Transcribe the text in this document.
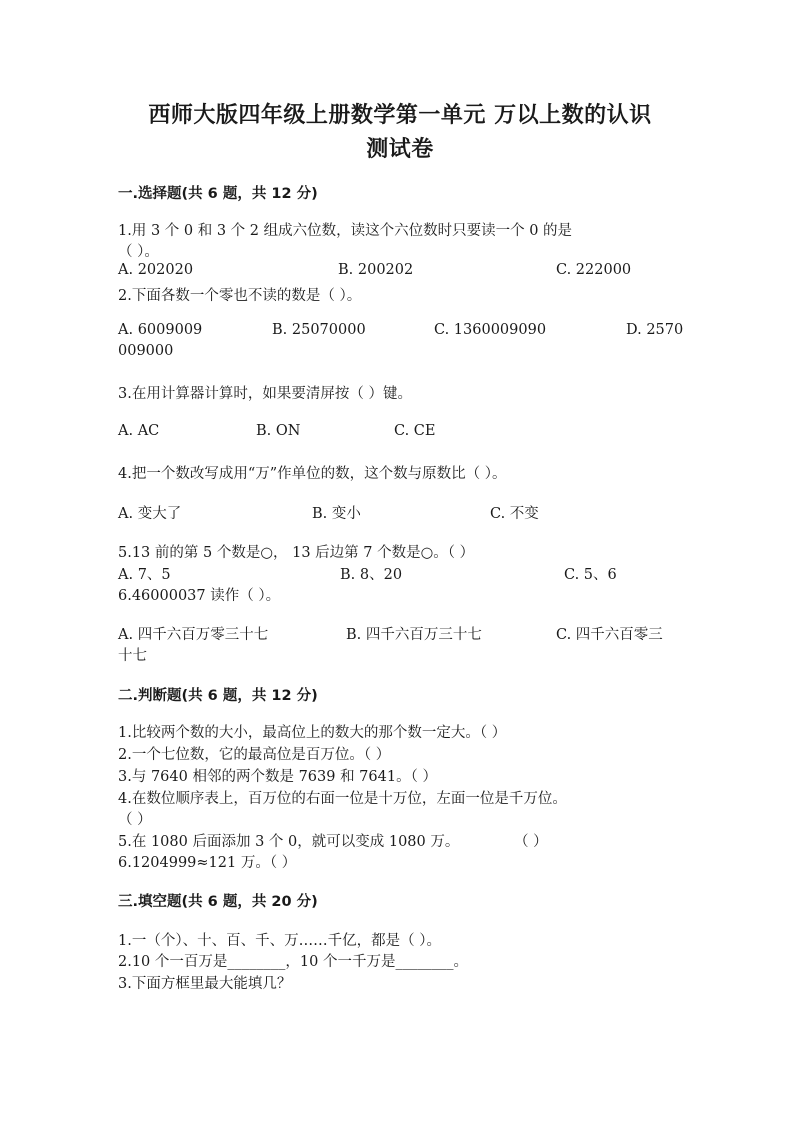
西师大版四年级上册数学第一单元 万以上数的认识
测试卷
一.选择题(共 6 题，共 12 分)
1.用 3 个 0 和 3 个 2 组成六位数，读这个六位数时只要读一个 0 的是
（ ）。
A. 202020	B. 200202	C. 222000
2.下面各数一个零也不读的数是（ ）。
A. 6009009	B. 25070000	C. 1360009090	D. 2570
009000
3.在用计算器计算时，如果要清屏按（ ）键。
A. AC	B. ON	C. CE
4.把一个数改写成用“万”作单位的数，这个数与原数比（ ）。
A. 变大了	B. 变小	C. 不变
5.13 前的第 5 个数是○， 13 后边第 7 个数是○。（ ）
A. 7、5	B. 8、20	C. 5、6
6.46000037 读作（ ）。
A. 四千六百万零三十七	B. 四千六百万三十七	C. 四千六百零三
十七
二.判断题(共 6 题，共 12 分)
1.比较两个数的大小，最高位上的数大的那个数一定大。（ ）
2.一个七位数，它的最高位是百万位。（ ）
3.与 7640 相邻的两个数是 7639 和 7641。（ ）
4.在数位顺序表上，百万位的右面一位是十万位，左面一位是千万位。
（ ）
5.在 1080 后面添加 3 个 0，就可以变成 1080 万。	（ ）
6.1204999≈121 万。（ ）
三.填空题(共 6 题，共 20 分)
1.一（个）、十、百、千、万……千亿，都是（ ）。
2.10 个一百万是________，10 个一千万是________。
3.下面方框里最大能填几？
